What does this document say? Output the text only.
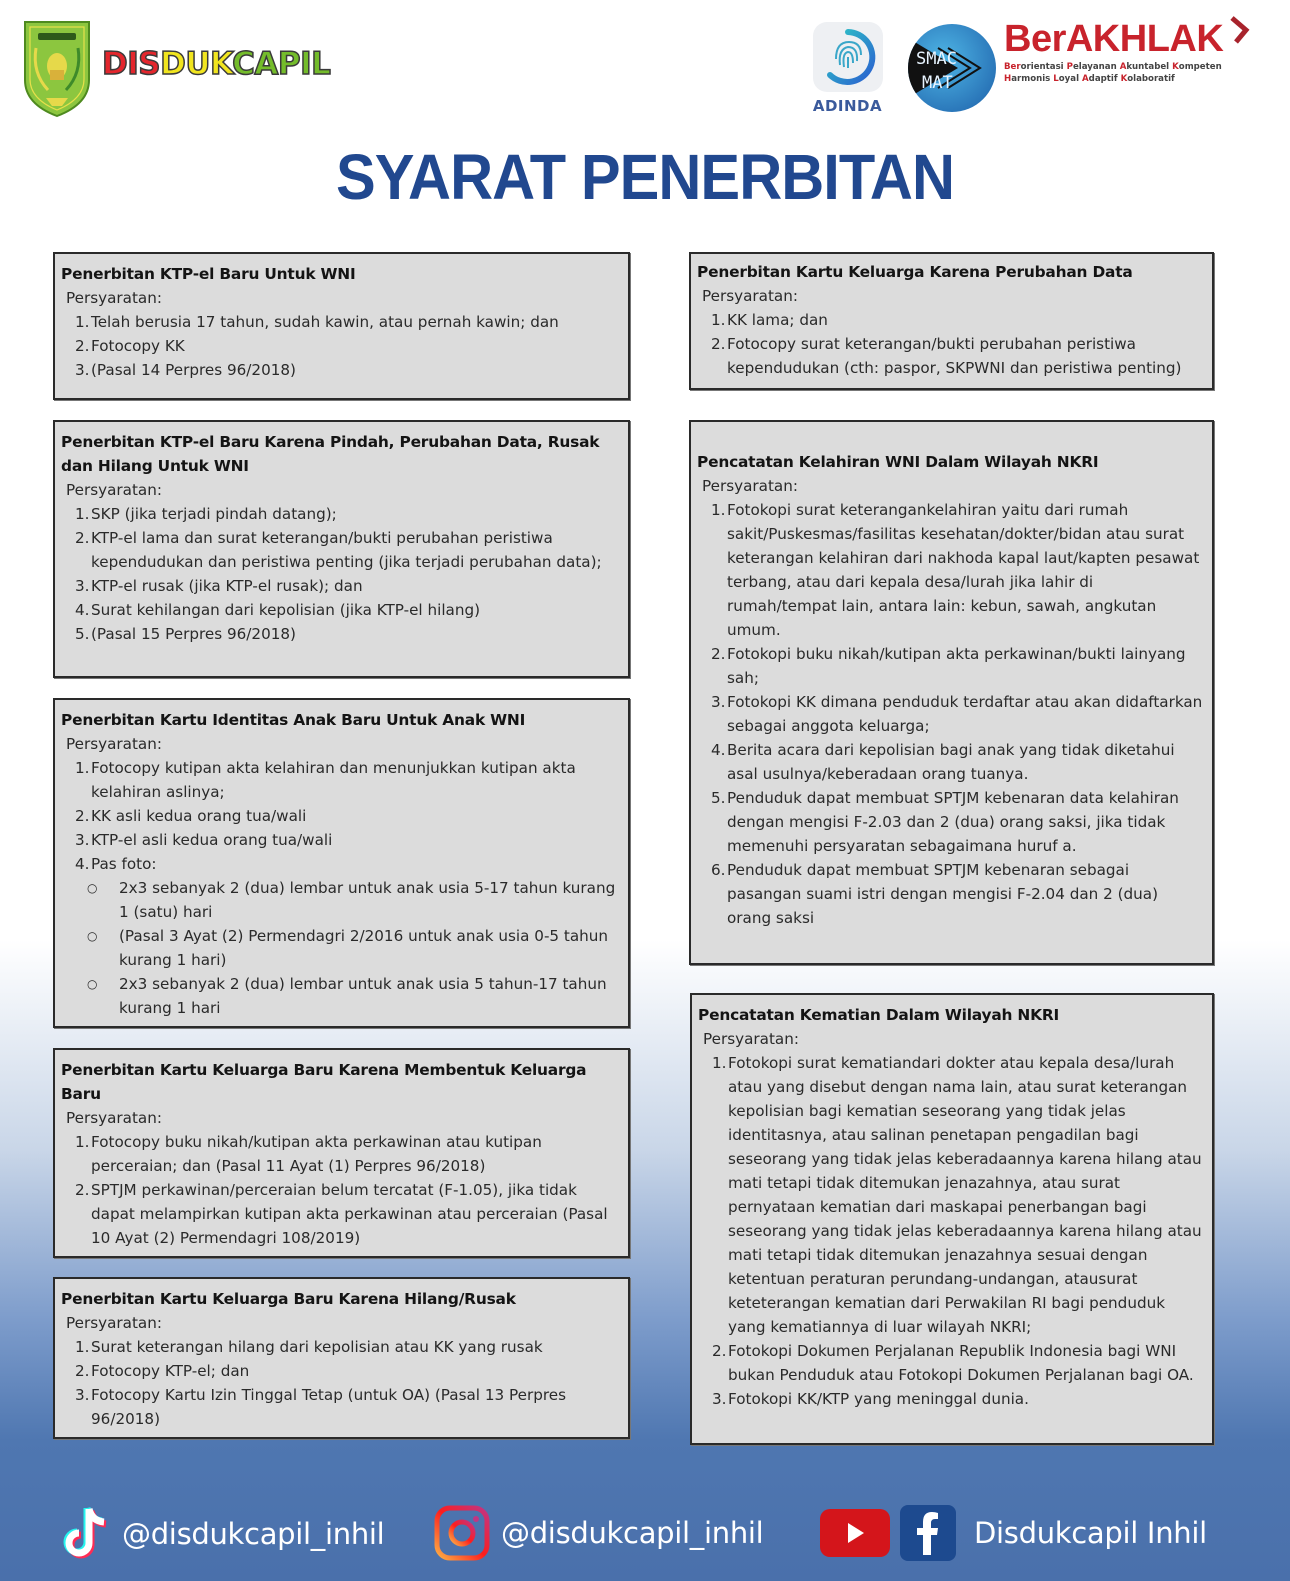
DISDUKCAPIL
ADINDA
SMAC
MAT
BerAKHLAK
Berorientasi Pelayanan Akuntabel Kompeten
Harmonis Loyal Adaptif Kolaboratif
SYARAT PENERBITAN
Penerbitan KTP-el Baru Untuk WNI
Persyaratan:
1. Telah berusia 17 tahun, sudah kawin, atau pernah kawin; dan
2. Fotocopy KK
3. (Pasal 14 Perpres 96/2018)
Penerbitan KTP-el Baru Karena Pindah, Perubahan Data, Rusak dan Hilang Untuk WNI
Persyaratan:
1. SKP (jika terjadi pindah datang);
2. KTP-el lama dan surat keterangan/bukti perubahan peristiwa kependudukan dan peristiwa penting (jika terjadi perubahan data);
3. KTP-el rusak (jika KTP-el rusak); dan
4. Surat kehilangan dari kepolisian (jika KTP-el hilang)
5. (Pasal 15 Perpres 96/2018)
Penerbitan Kartu Identitas Anak Baru Untuk Anak WNI
Persyaratan:
1. Fotocopy kutipan akta kelahiran dan menunjukkan kutipan akta kelahiran aslinya;
2. KK asli kedua orang tua/wali
3. KTP-el asli kedua orang tua/wali
4. Pas foto:
○	2x3 sebanyak 2 (dua) lembar untuk anak usia 5-17 tahun kurang 1 (satu) hari
○	(Pasal 3 Ayat (2) Permendagri 2/2016 untuk anak usia 0-5 tahun kurang 1 hari)
○	2x3 sebanyak 2 (dua) lembar untuk anak usia 5 tahun-17 tahun kurang 1 hari
Penerbitan Kartu Keluarga Baru Karena Membentuk Keluarga Baru
Persyaratan:
1. Fotocopy buku nikah/kutipan akta perkawinan atau kutipan perceraian; dan (Pasal 11 Ayat (1) Perpres 96/2018)
2. SPTJM perkawinan/perceraian belum tercatat (F-1.05), jika tidak dapat melampirkan kutipan akta perkawinan atau perceraian (Pasal 10 Ayat (2) Permendagri 108/2019)
Penerbitan Kartu Keluarga Baru Karena Hilang/Rusak
Persyaratan:
1. Surat keterangan hilang dari kepolisian atau KK yang rusak
2. Fotocopy KTP-el; dan
3. Fotocopy Kartu Izin Tinggal Tetap (untuk OA) (Pasal 13 Perpres 96/2018)
Penerbitan Kartu Keluarga Karena Perubahan Data
Persyaratan:
1. KK lama; dan
2. Fotocopy surat keterangan/bukti perubahan peristiwa kependudukan (cth: paspor, SKPWNI dan peristiwa penting)
Pencatatan Kelahiran WNI Dalam Wilayah NKRI
Persyaratan:
1. Fotokopi surat keterangankelahiran yaitu dari rumah sakit/Puskesmas/fasilitas kesehatan/dokter/bidan atau surat keterangan kelahiran dari nakhoda kapal laut/kapten pesawat terbang, atau dari kepala desa/lurah jika lahir di rumah/tempat lain, antara lain: kebun, sawah, angkutan umum.
2. Fotokopi buku nikah/kutipan akta perkawinan/bukti lainyang sah;
3. Fotokopi KK dimana penduduk terdaftar atau akan didaftarkan sebagai anggota keluarga;
4. Berita acara dari kepolisian bagi anak yang tidak diketahui asal usulnya/keberadaan orang tuanya.
5. Penduduk dapat membuat SPTJM kebenaran data kelahiran dengan mengisi F-2.03 dan 2 (dua) orang saksi, jika tidak memenuhi persyaratan sebagaimana huruf a.
6. Penduduk dapat membuat SPTJM kebenaran sebagai pasangan suami istri dengan mengisi F-2.04 dan 2 (dua) orang saksi
Pencatatan Kematian Dalam Wilayah NKRI
Persyaratan:
1. Fotokopi surat kematiandari dokter atau kepala desa/lurah atau yang disebut dengan nama lain, atau surat keterangan kepolisian bagi kematian seseorang yang tidak jelas identitasnya, atau salinan penetapan pengadilan bagi seseorang yang tidak jelas keberadaannya karena hilang atau mati tetapi tidak ditemukan jenazahnya, atau surat pernyataan kematian dari maskapai penerbangan bagi seseorang yang tidak jelas keberadaannya karena hilang atau mati tetapi tidak ditemukan jenazahnya sesuai dengan ketentuan peraturan perundang-undangan, atausurat keteterangan kematian dari Perwakilan RI bagi penduduk yang kematiannya di luar wilayah NKRI;
2. Fotokopi Dokumen Perjalanan Republik Indonesia bagi WNI bukan Penduduk atau Fotokopi Dokumen Perjalanan bagi OA.
3. Fotokopi KK/KTP yang meninggal dunia.
@disdukcapil_inhil	@disdukcapil_inhil	Disdukcapil Inhil
